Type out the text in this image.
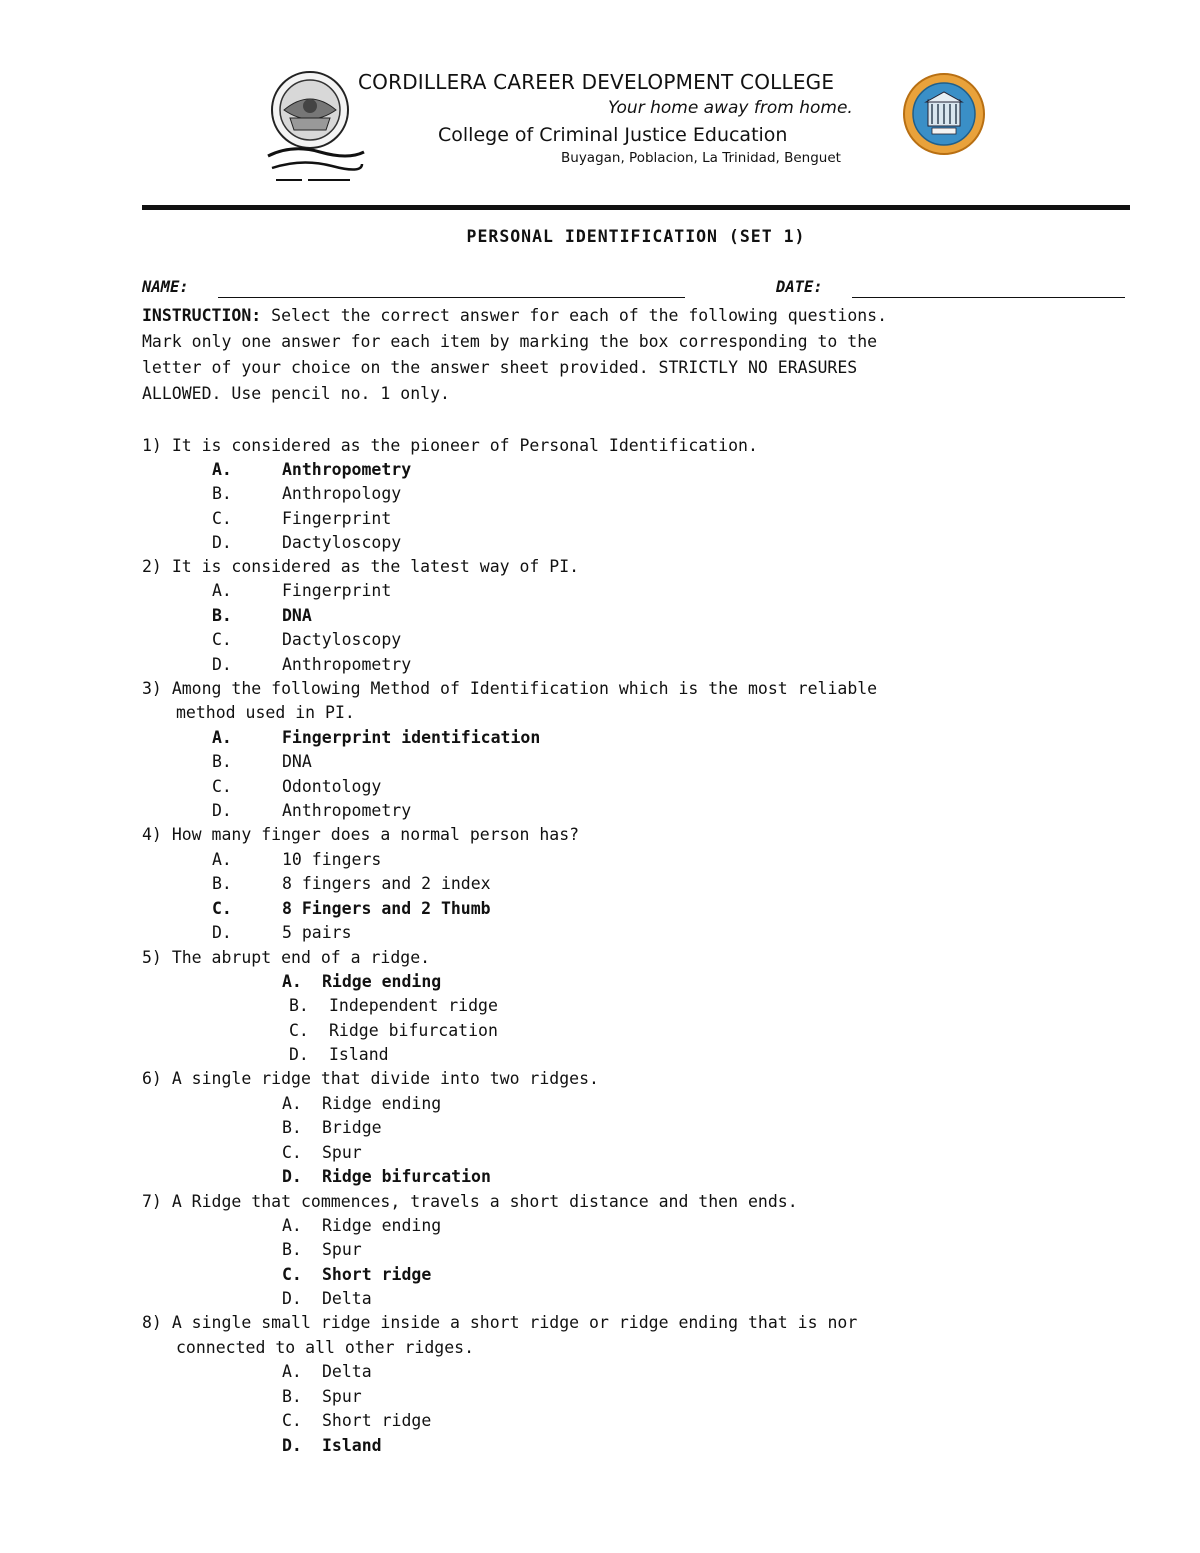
CORDILLERA CAREER DEVELOPMENT COLLEGE
Your home away from home.
College of Criminal Justice Education
Buyagan, Poblacion, La Trinidad, Benguet
PERSONAL IDENTIFICATION (SET 1)
NAME:	DATE:
INSTRUCTION: Select the correct answer for each of the following questions.
Mark only one answer for each item by marking the box corresponding to the
letter of your choice on the answer sheet provided. STRICTLY NO ERASURES
ALLOWED. Use pencil no. 1 only.
1) It is considered as the pioneer of Personal Identification.
A.	Anthropometry
B.	Anthropology
C.	Fingerprint
D.	Dactyloscopy
2) It is considered as the latest way of PI.
A.	Fingerprint
B.	DNA
C.	Dactyloscopy
D.	Anthropometry
3) Among the following Method of Identification which is the most reliable
method used in PI.
A.	Fingerprint identification
B.	DNA
C.	Odontology
D.	Anthropometry
4) How many finger does a normal person has?
A.	10 fingers
B.	8 fingers and 2 index
C.	8 Fingers and 2 Thumb
D.	5 pairs
5) The abrupt end of a ridge.
A. Ridge ending
B. Independent ridge
C. Ridge bifurcation
D. Island
6) A single ridge that divide into two ridges.
A. Ridge ending
B. Bridge
C. Spur
D. Ridge bifurcation
7) A Ridge that commences, travels a short distance and then ends.
A. Ridge ending
B. Spur
C. Short ridge
D. Delta
8) A single small ridge inside a short ridge or ridge ending that is nor
connected to all other ridges.
A. Delta
B. Spur
C. Short ridge
D. Island
